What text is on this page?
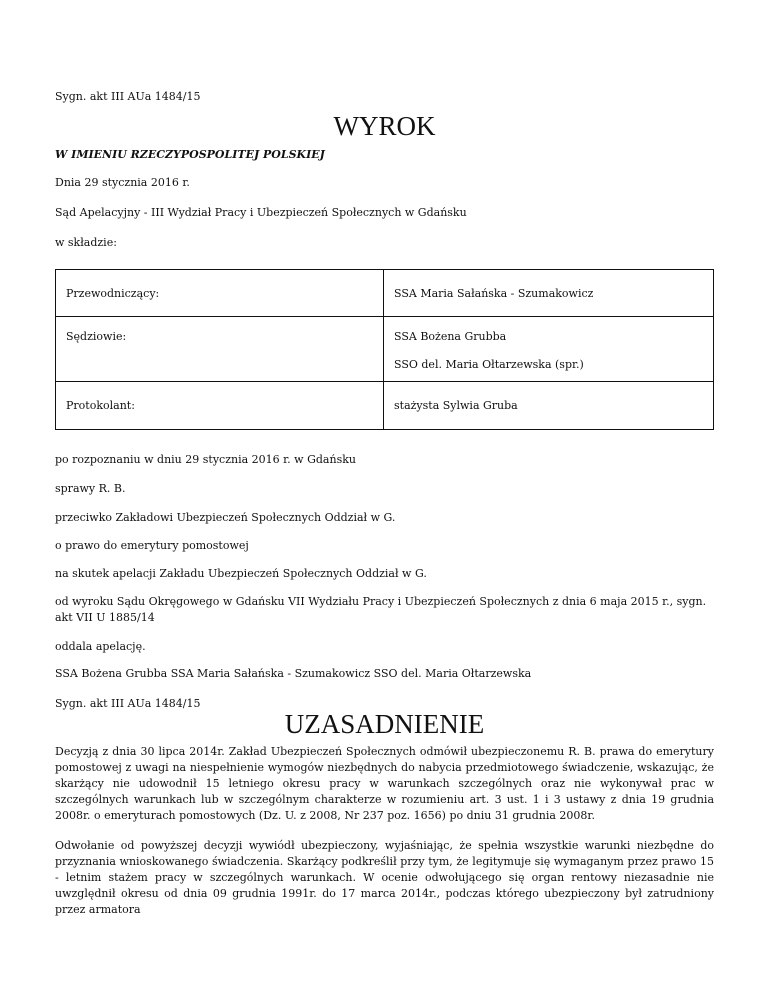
Sygn. akt III AUa 1484/15
WYROK
W IMIENIU RZECZYPOSPOLITEJ POLSKIEJ
Dnia 29 stycznia 2016 r.
Sąd Apelacyjny - III Wydział Pracy i Ubezpieczeń Społecznych w Gdańsku
w składzie:
Przewodniczący:	SSA Maria Sałańska - Szumakowicz

Sędziowie:	SSA Bożena Grubba
SSO del. Maria Ołtarzewska (spr.)

Protokolant:	stażysta Sylwia Gruba
po rozpoznaniu w dniu 29 stycznia 2016 r. w Gdańsku
sprawy R. B.
przeciwko Zakładowi Ubezpieczeń Społecznych Oddział w G.
o prawo do emerytury pomostowej
na skutek apelacji Zakładu Ubezpieczeń Społecznych Oddział w G.
od wyroku Sądu Okręgowego w Gdańsku VII Wydziału Pracy i Ubezpieczeń Społecznych z dnia 6 maja 2015 r., sygn. akt VII U 1885/14
oddala apelację.
SSA Bożena Grubba SSA Maria Sałańska - Szumakowicz SSO del. Maria Ołtarzewska
Sygn. akt III AUa 1484/15
UZASADNIENIE
Decyzją z dnia 30 lipca 2014r. Zakład Ubezpieczeń Społecznych odmówił ubezpieczonemu R. B. prawa do emerytury pomostowej z uwagi na niespełnienie wymogów niezbędnych do nabycia przedmiotowego świadczenie, wskazując, że skarżący nie udowodnił 15 letniego okresu pracy w warunkach szczególnych oraz nie wykonywał prac w szczególnych warunkach lub w szczególnym charakterze w rozumieniu art. 3 ust. 1 i 3 ustawy z dnia 19 grudnia 2008r. o emeryturach pomostowych (Dz. U. z 2008, Nr 237 poz. 1656) po dniu 31 grudnia 2008r.
Odwołanie od powyższej decyzji wywiódł ubezpieczony, wyjaśniając, że spełnia wszystkie warunki niezbędne do przyznania wnioskowanego świadczenia. Skarżący podkreślił przy tym, że legitymuje się wymaganym przez prawo 15 - letnim stażem pracy w szczególnych warunkach. W ocenie odwołującego się organ rentowy niezasadnie nie uwzględnił okresu od dnia 09 grudnia 1991r. do 17 marca 2014r., podczas którego ubezpieczony był zatrudniony przez armatora
